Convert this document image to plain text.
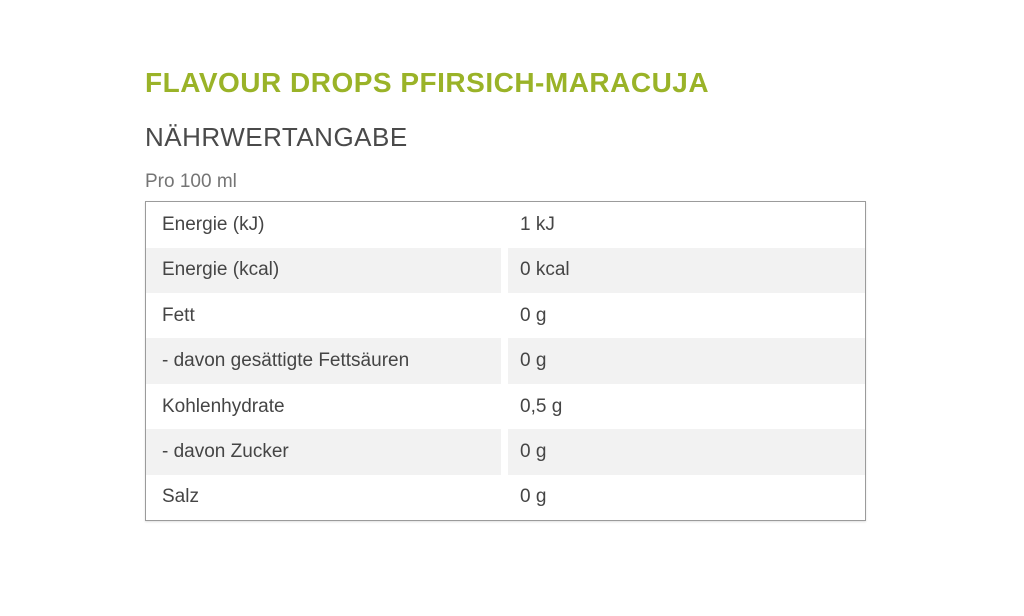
FLAVOUR DROPS PFIRSICH-MARACUJA
NÄHRWERTANGABE
Pro 100 ml
Energie (kJ)	1 kJ
Energie (kcal)	0 kcal
Fett	0 g
- davon gesättigte Fettsäuren	0 g
Kohlenhydrate	0,5 g
- davon Zucker	0 g
Salz	0 g
